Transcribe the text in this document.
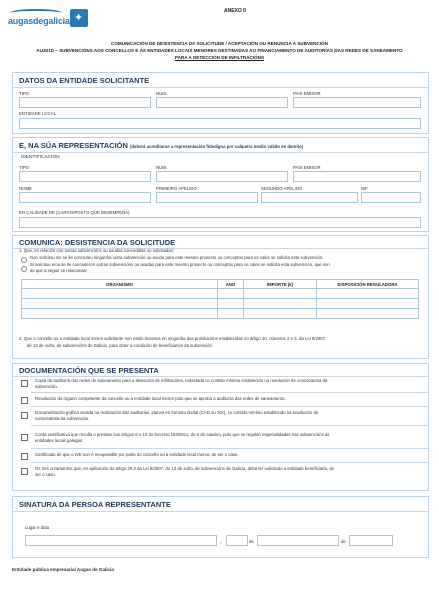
augasdegalicia
✦
ANEXO II
COMUNICACIÓN DE DESISTENCIA DA SOLICITUDE / ACEPTACIÓN OU RENUNCIA Á SUBVENCIÓN
AU301D – SUBVENCIÓNS AOS CONCELLOS E ÁS ENTIDADES LOCAIS MENORES DESTINADAS AO FINANCIAMENTO DE AUDITORÍAS DAS REDES DE SANEAMENTO
PARA A DETECCIÓN DE INFILTRACIÓNS
DATOS DA ENTIDADE SOLICITANTE
TIPO	NÚM.	PAÍS EMISOR
ENTIDADE LOCAL
E, NA SÚA REPRESENTACIÓN (deberá acreditarse a representación fidedigna por calquera medio válido en dereito)
IDENTIFICACIÓN
TIPO	NÚM.	PAÍS EMISOR
NOME	PRIMEIRO APELIDO	SEGUNDO APELIDO	NIF
EN CALIDADE DE (CARGO/POSTO QUE DESEMPEÑA)
COMUNICA: DESISTENCIA DA SOLICITUDE
1. Que, en relación con outras subvencións ou axudas concedidas ou solicitadas:
Non solicitou nin se lle concedeu ningunha outra subvención ou axuda para este mesmo proxecto ou conceptos para os cales se solicita esta subvención.
Si solicitou e/ou se lle concederon outras subvencións ou axudas para este mesmo proxecto ou conceptos para os cales se solicita esta subvención, que son
as que a seguir se relacionan:
ORGANISMO	ANO	IMPORTE (€)	DISPOSICIÓN REGULADORA

2. Que o concello ou a entidade local menor solicitante non están incursos en ningunha das prohibicións establecidas no artigo 10, números 2 e 3, da Lei 9/2007,
de 13 de xuño, de subvencións de Galicia, para obter a condición de beneficiarios da subvención.
DOCUMENTACIÓN QUE SE PRESENTA
Copia da auditoría das redes de saneamento para a detección de infiltracións, redactada co contido mínimo establecido na resolución de convocatoria da
subvención.
Resolución do órgano competente do concello ou a entidade local menor polo que se aproba a auditoría das redes de saneamento.
Documentación gráfica xerada na realización das auditorías, planos en formato dixital (CAD ou SIX), co contido mínimo establecido na resolución de
convocatoria da subvención.
Conta xustificativa que recolla o previsto nos artigos 8 e 10 do Decreto 193/2011, do 6 de outubro, polo que se regulan especialidades nas subvencións ás
entidades locais galegas.
Certificado de que o IVE non é recuperable por parte do concello ou a entidade local menor, de ser o caso.
Os tres orzamentos que, en aplicación do artigo 29.3 da Lei 9/2007, do 13 de xuño, de subvencións de Galicia, deba ter solicitado a entidade beneficiaria, de
ser o caso.
SINATURA DA PERSOA REPRESENTANTE
Lugar e data
,	de	de
Entidade pública empresarial Augas de Galicia
